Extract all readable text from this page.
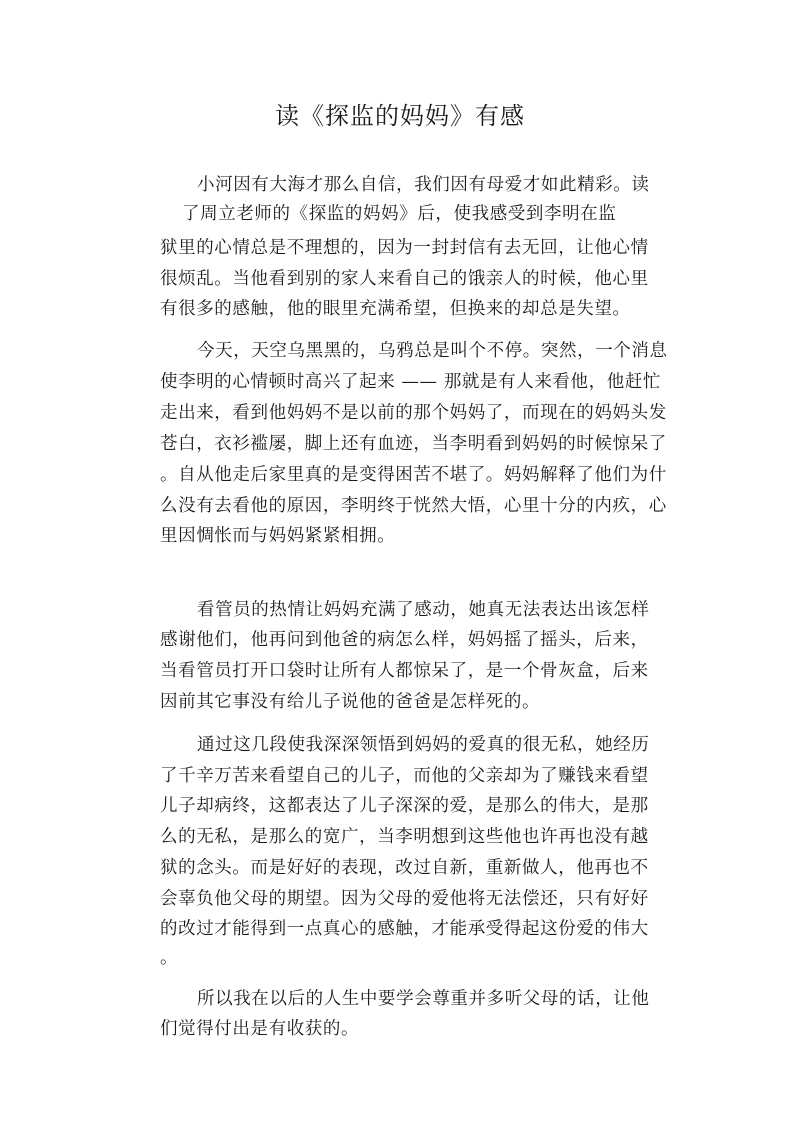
读《探监的妈妈》有感
小河因有大海才那么自信，我们因有母爱才如此精彩。读
了周立老师的《探监的妈妈》后，使我感受到李明在监
狱里的心情总是不理想的，因为一封封信有去无回，让他心情
很烦乱。当他看到别的家人来看自己的饿亲人的时候，他心里
有很多的感触，他的眼里充满希望，但换来的却总是失望。
今天，天空乌黑黑的，乌鸦总是叫个不停。突然，一个消息
使李明的心情顿时高兴了起来 —— 那就是有人来看他，他赶忙
走出来，看到他妈妈不是以前的那个妈妈了，而现在的妈妈头发
苍白，衣衫褴屡，脚上还有血迹，当李明看到妈妈的时候惊呆了
。自从他走后家里真的是变得困苦不堪了。妈妈解释了他们为什
么没有去看他的原因，李明终于恍然大悟，心里十分的内疚，心
里因惆怅而与妈妈紧紧相拥。
看管员的热情让妈妈充满了感动，她真无法表达出该怎样
感谢他们，他再问到他爸的病怎么样，妈妈摇了摇头，后来，
当看管员打开口袋时让所有人都惊呆了，是一个骨灰盒，后来
因前其它事没有给儿子说他的爸爸是怎样死的。
通过这几段使我深深领悟到妈妈的爱真的很无私，她经历
了千辛万苦来看望自己的儿子，而他的父亲却为了赚钱来看望
儿子却病终，这都表达了儿子深深的爱，是那么的伟大，是那
么的无私，是那么的宽广，当李明想到这些他也许再也没有越
狱的念头。而是好好的表现，改过自新，重新做人，他再也不
会辜负他父母的期望。因为父母的爱他将无法偿还，只有好好
的改过才能得到一点真心的感触，才能承受得起这份爱的伟大
。
所以我在以后的人生中要学会尊重并多听父母的话，让他
们觉得付出是有收获的。
